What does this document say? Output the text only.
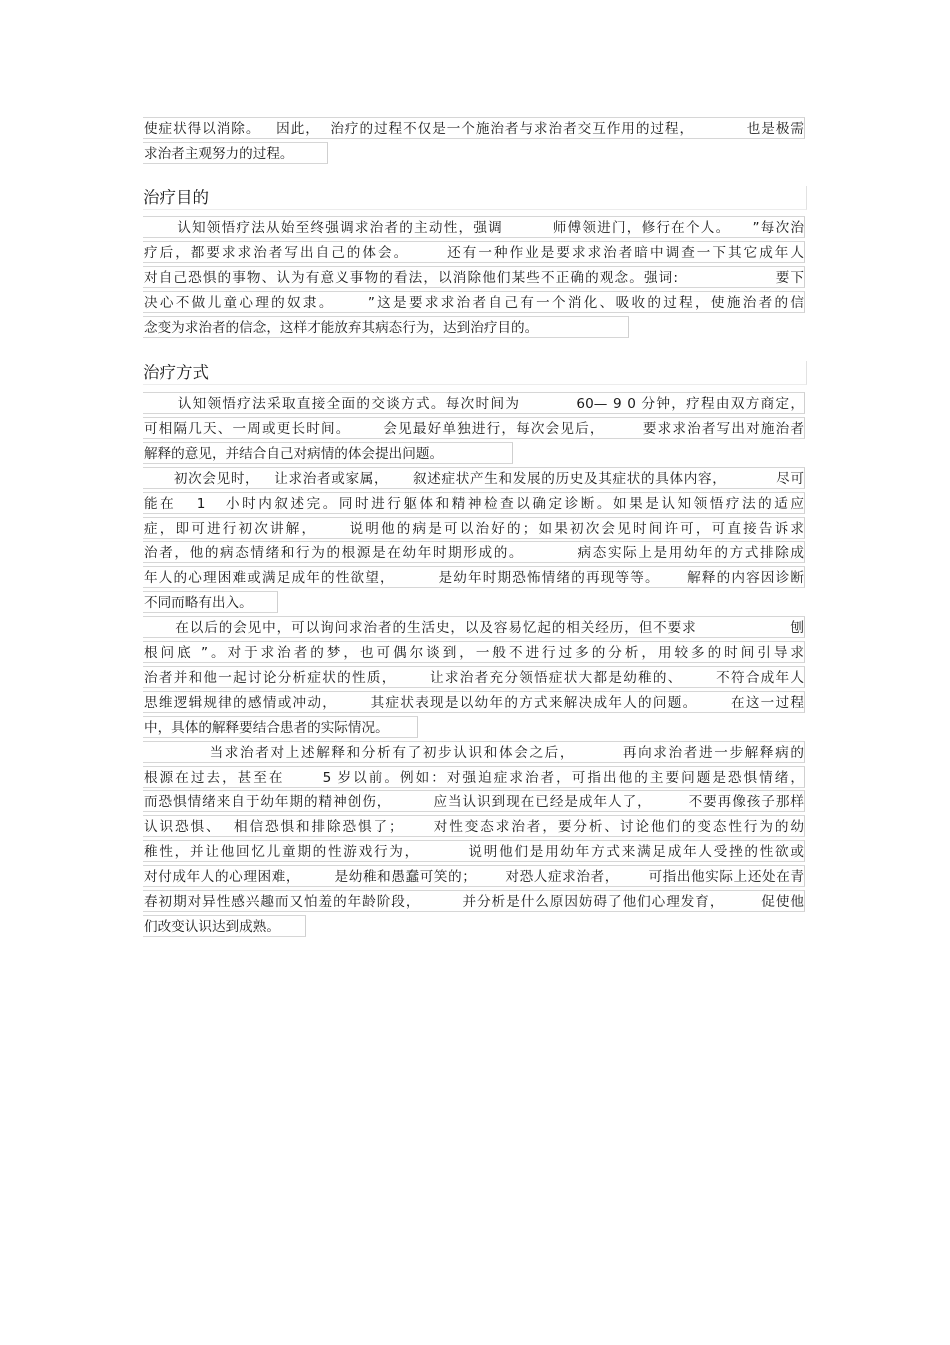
使症状得以消除。   因此，  治疗的过程不仅是一个施治者与求治者交互作用的过程，          也是极需
求治者主观努力的过程。
治疗目的
认知领悟疗法从始至终强调求治者的主动性，强调         师傅领进门，修行在个人。    ”每次治
疗后，都要求求治者写出自己的体会。      还有一种作业是要求求治者暗中调查一下其它成年人
对自己恐惧的事物、认为有意义事物的看法，以消除他们某些不正确的观念。强词:                  要下
决心不做儿童心理的奴隶。     ”这是要求求治者自己有一个消化、吸收的过程，使施治者的信
念变为求治者的信念，这样才能放弃其病态行为，达到治疗目的。
治疗方式
认知领悟疗法采取直接全面的交谈方式。每次时间为          60— 9 0 分钟，疗程由双方商定，
可相隔几天、一周或更长时间。      会见最好单独进行，每次会见后，       要求求治者写出对施治者
解释的意见，并结合自己对病情的体会提出问题。
初次会见时，   让求治者或家属，     叙述症状产生和发展的历史及其症状的具体内容，          尽可
能在   1   小时内叙述完。同时进行躯体和精神检查以确定诊断。如果是认知领悟疗法的适应
症，即可进行初次讲解，     说明他的病是可以治好的；如果初次会见时间许可，可直接告诉求
治者，他的病态情绪和行为的根源是在幼年时期形成的。         病态实际上是用幼年的方式排除成
年人的心理困难或满足成年的性欲望，        是幼年时期恐怖情绪的再现等等。     解释的内容因诊断
不同而略有出入。
在以后的会见中，可以询问求治者的生活史，以及容易忆起的相关经历，但不要求                  刨
根问底 ”。对于求治者的梦，也可偶尔谈到，一般不进行过多的分析，用较多的时间引导求
治者并和他一起讨论分析症状的性质，      让求治者充分领悟症状大都是幼稚的、      不符合成年人
思维逻辑规律的感情或冲动，      其症状表现是以幼年的方式来解决成年人的问题。      在这一过程
中，具体的解释要结合患者的实际情况。
当求治者对上述解释和分析有了初步认识和体会之后，        再向求治者进一步解释病的
根源在过去，甚至在      5 岁以前。例如：对强迫症求治者，可指出他的主要问题是恐惧情绪，
而恐惧情绪来自于幼年期的精神创伤，        应当认识到现在已经是成年人了，       不要再像孩子那样
认识恐惧、  相信恐惧和排除恐惧了；     对性变态求治者，要分析、讨论他们的变态性行为的幼
稚性，并让他回忆儿童期的性游戏行为，        说明他们是用幼年方式来满足成年人受挫的性欲或
对付成年人的心理困难，       是幼稚和愚蠢可笑的；      对恐人症求治者，      可指出他实际上还处在青
春初期对异性感兴趣而又怕羞的年龄阶段，        并分析是什么原因妨碍了他们心理发育，       促使他
们改变认识达到成熟。
